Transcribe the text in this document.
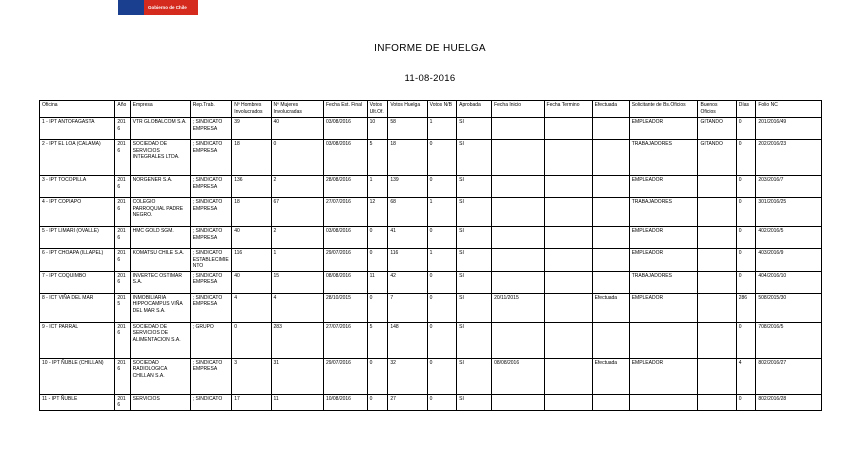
Gobierno de Chile
INFORME DE HUELGA
11-08-2016
Oficina	Año	Empresa	Rep.Trab.	Nº Hombres Involucrados	Nº Mujeres Involucradas	Fecha Est. Final	Votos Ult.Of.	Votos Huelga	Votos N/B	Aprobada	Fecha Inicio	Fecha Termino	Efectuada	Solicitante de Bs.Oficios	Buenos Oficios	Días	Folio NC
1 - IPT ANTOFAGASTA	2016	VTR GLOBALCOM S.A.	; SINDICATO EMPRESA	39	40	03/08/2016	10	58	1	SI				EMPLEADOR	GITANDO	0	201/2016/49
2 - IPT EL LOA (CALAMA)	2016	SOCIEDAD DE SERVICIOS INTEGRALES LTDA.	; SINDICATO EMPRESA	18	0	03/08/2016	5	18	0	SI				TRABAJADORES	GITANDO	0	202/2016/23
3 - IPT TOCOPILLA	2016	NORGENER S.A.	; SINDICATO EMPRESA	136	2	28/08/2016	1	139	0	SI				EMPLEADOR		0	203/2016/7
4 - IPT COPIAPO	2016	COLEGIO PARROQUIAL PADRE NEGRO.	; SINDICATO EMPRESA	18	67	27/07/2016	12	68	1	SI				TRABAJADORES		0	301/2016/25
5 - IPT LIMARI (OVALLE)	2016	HMC GOLD SGM.	; SINDICATO EMPRESA	40	2	03/08/2016	0	41	0	SI				EMPLEADOR		0	402/2016/5
6 - IPT CHOAPA (ILLAPEL)	2016	KOMATSU CHILE S.A.	; SINDICATO ESTABLECIMIENTO	116	1	29/07/2016	0	116	1	SI				EMPLEADOR		0	403/2016/9
7 - IPT COQUIMBO	2016	INVERTEC OSTIMAR S.A.	; SINDICATO EMPRESA	40	15	08/08/2016	11	42	0	SI				TRABAJADORES		0	404/2016/10
8 - ICT VIÑA DEL MAR	2015	INMOBILIARIA HIPPOCAMPUS VIÑA DEL MAR S.A.	; SINDICATO EMPRESA	4	4	28/10/2015	0	7	0	SI	20/11/2015		Efectuada	EMPLEADOR		286	508/2015/30
9 - ICT PARRAL	2016	SOCIEDAD DE SERVICIOS DE ALIMENTACION S.A.	; GRUPO	0	283	27/07/2016	5	148	0	SI						0	708/2016/5
10 - IPT ÑUBLE (CHILLAN)	2016	SOCIEDAD RADIOLOGICA CHILLAN S.A.	; SINDICATO EMPRESA	3	31	29/07/2016	0	32	0	SI	08/08/2016		Efectuada	EMPLEADOR		4	802/2016/27
11 - IPT ÑUBLE	2016	SERVICIOS	; SINDICATO	17	11	10/08/2016	0	27	0	SI						0	802/2016/28
